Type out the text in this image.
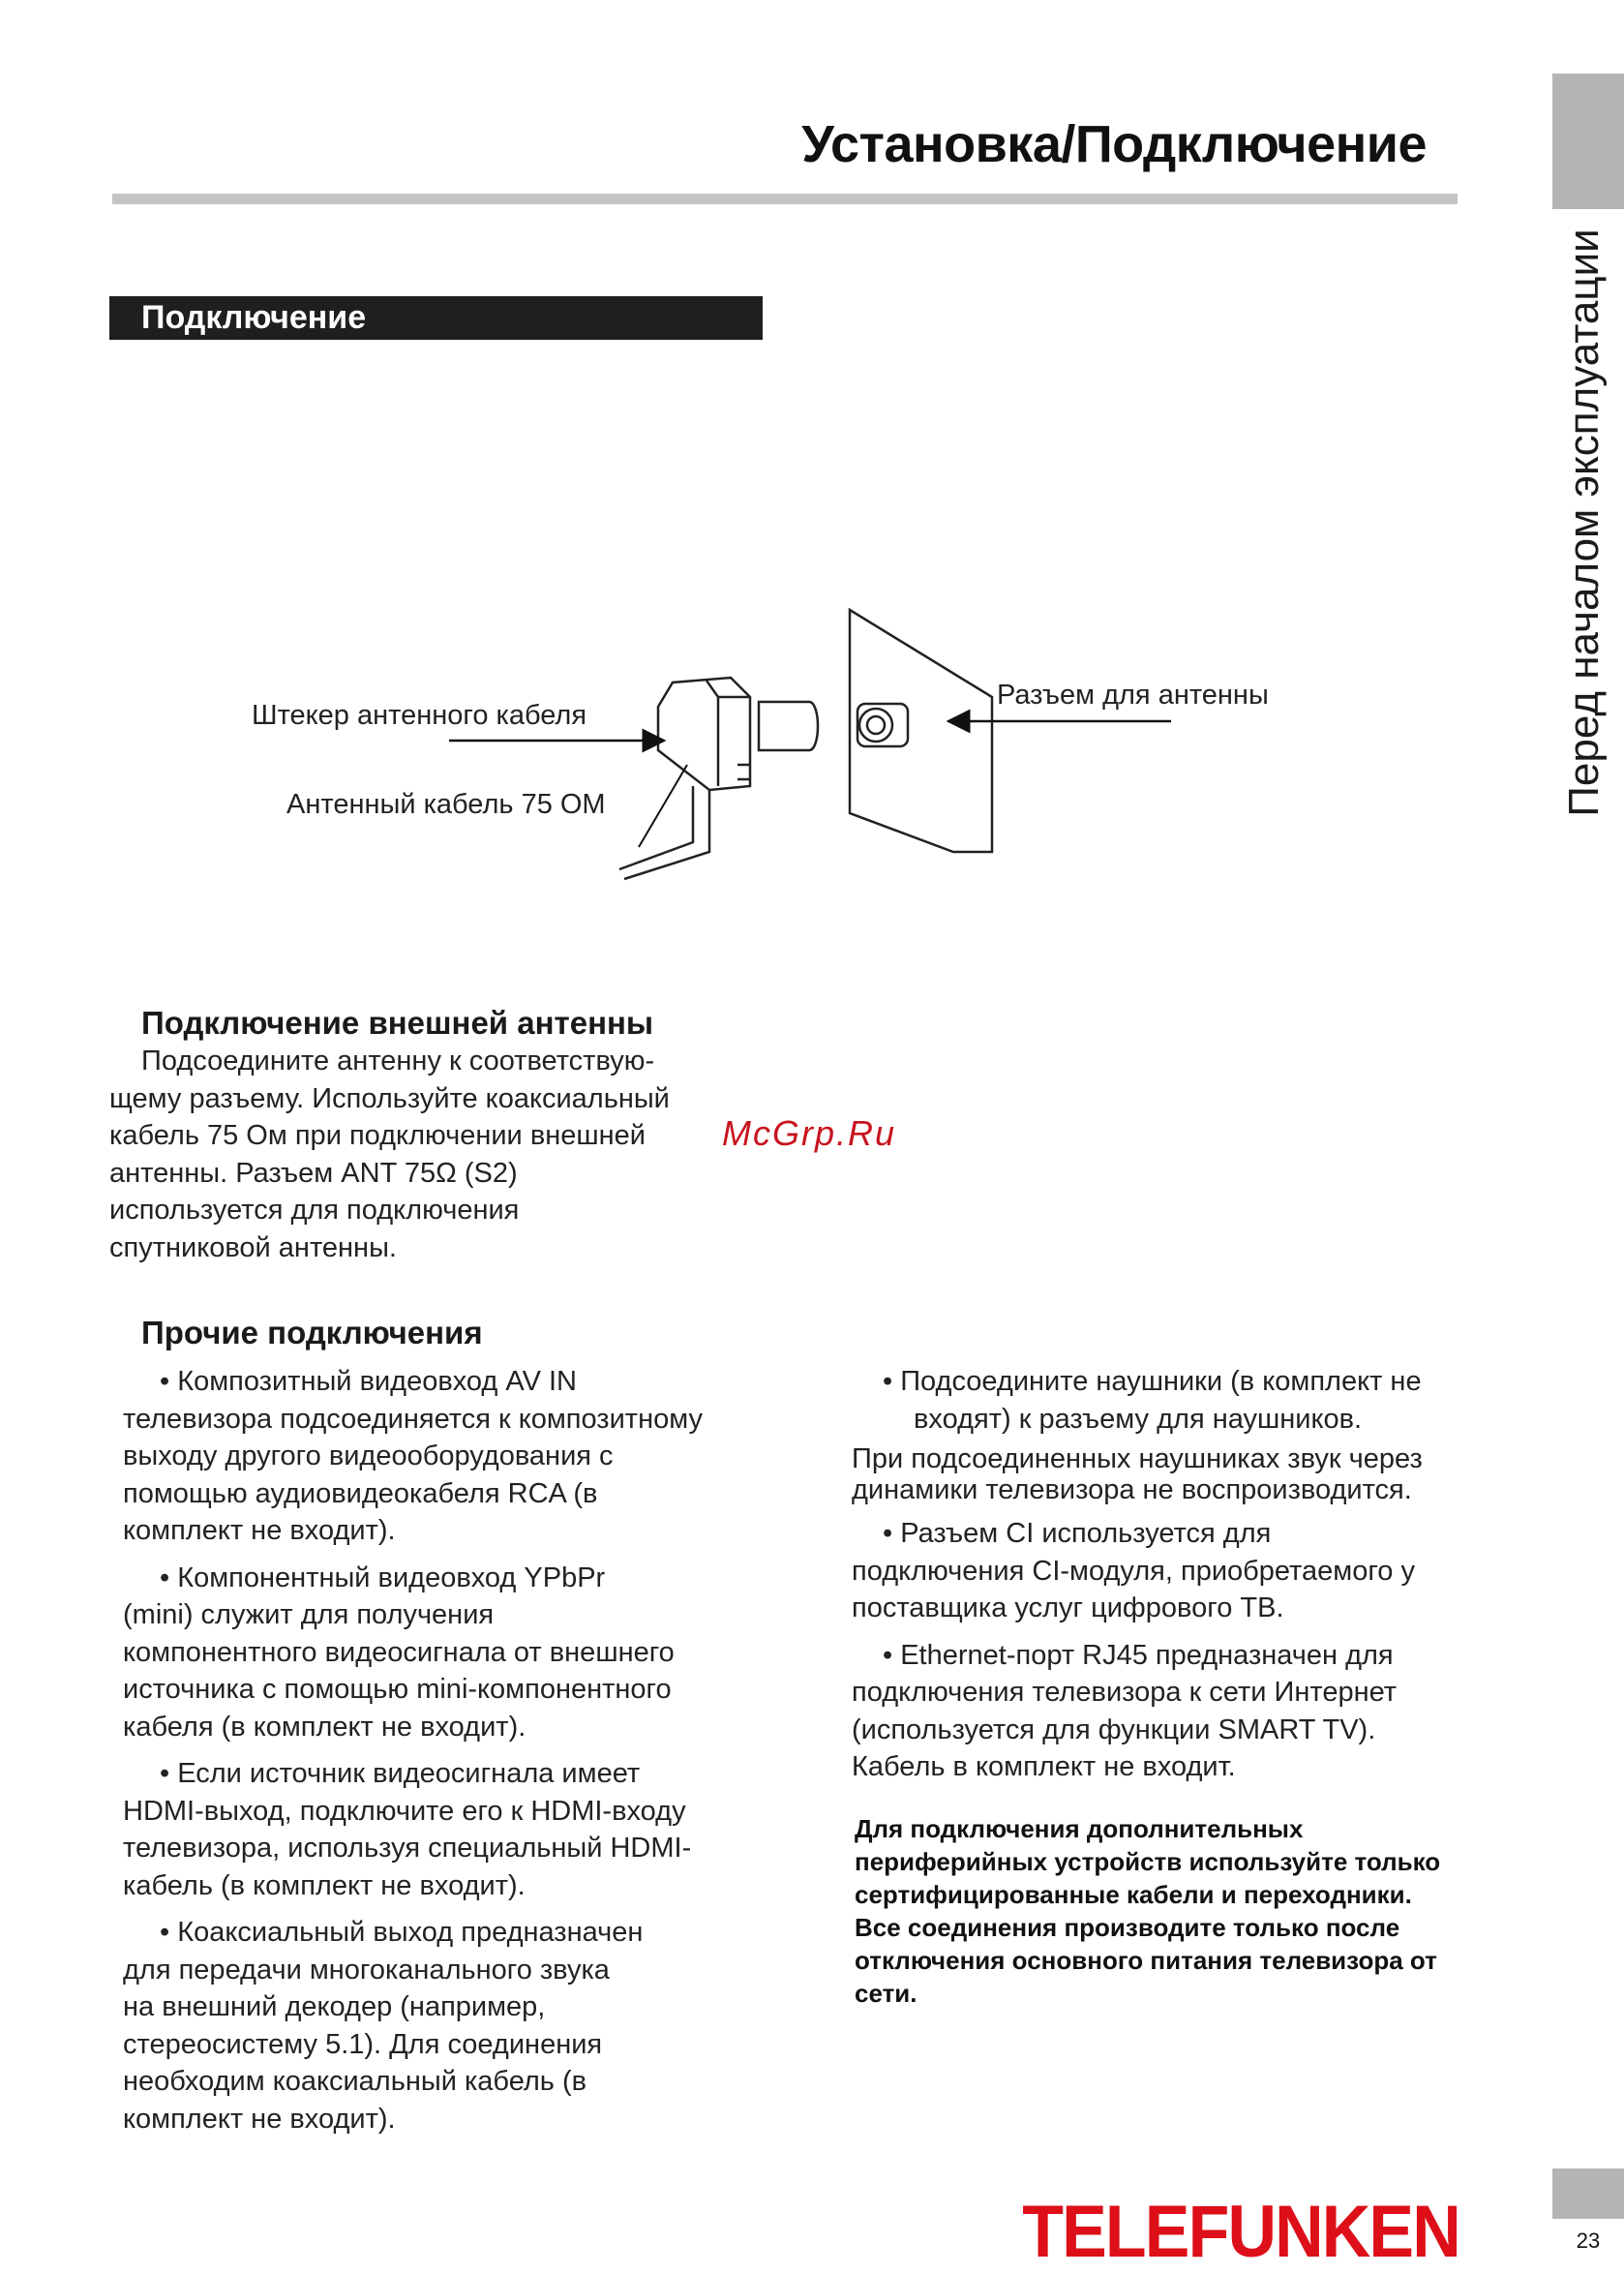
Установка/Подключение
Перед началом эксплуатации
Подключение
Штекер антенного кабеля
Антенный кабель 75 ОМ
Разъем для антенны
Подключение внешней антенны
Подсоедините антенну к соответствую-
щему разъему. Используйте коаксиальный
кабель 75 Ом при подключении внешней
антенны. Разъем ANT 75Ω (S2)
используется для подключения
спутниковой антенны.
McGrp.Ru
Прочие подключения
• Композитный видеовход AV IN
телевизора подсоединяется к композитному
выходу другого видеооборудования с
помощью аудиовидеокабеля RCA (в
комплект не входит).
• Компонентный видеовход YPbPr
(mini) служит для получения
компонентного видеосигнала от внешнего
источника с помощью mini-компонентного
кабеля (в комплект не входит).
• Если источник видеосигнала имеет
HDMI-выход, подключите его к HDMI-входу
телевизора, используя специальный HDMI-
кабель (в комплект не входит).
• Коаксиальный выход предназначен
для передачи многоканального звука
на внешний декодер (например,
стереосистему 5.1). Для соединения
необходим коаксиальный кабель (в
комплект не входит).
• Подсоедините наушники (в комплект не
входят) к разъему для наушников.
При подсоединенных наушниках звук через
динамики телевизора не воспроизводится.
• Разъем CI используется для
подключения CI-модуля, приобретаемого у
поставщика услуг цифрового ТВ.
• Ethernet-порт RJ45 предназначен для
подключения телевизора к сети Интернет
(используется для функции SMART TV).
Кабель в комплект не входит.
Для подключения дополнительных
периферийных устройств используйте только
сертифицированные кабели и переходники.
Все соединения производите только после
отключения основного питания телевизора от
сети.
TELEFUNKEN	23
